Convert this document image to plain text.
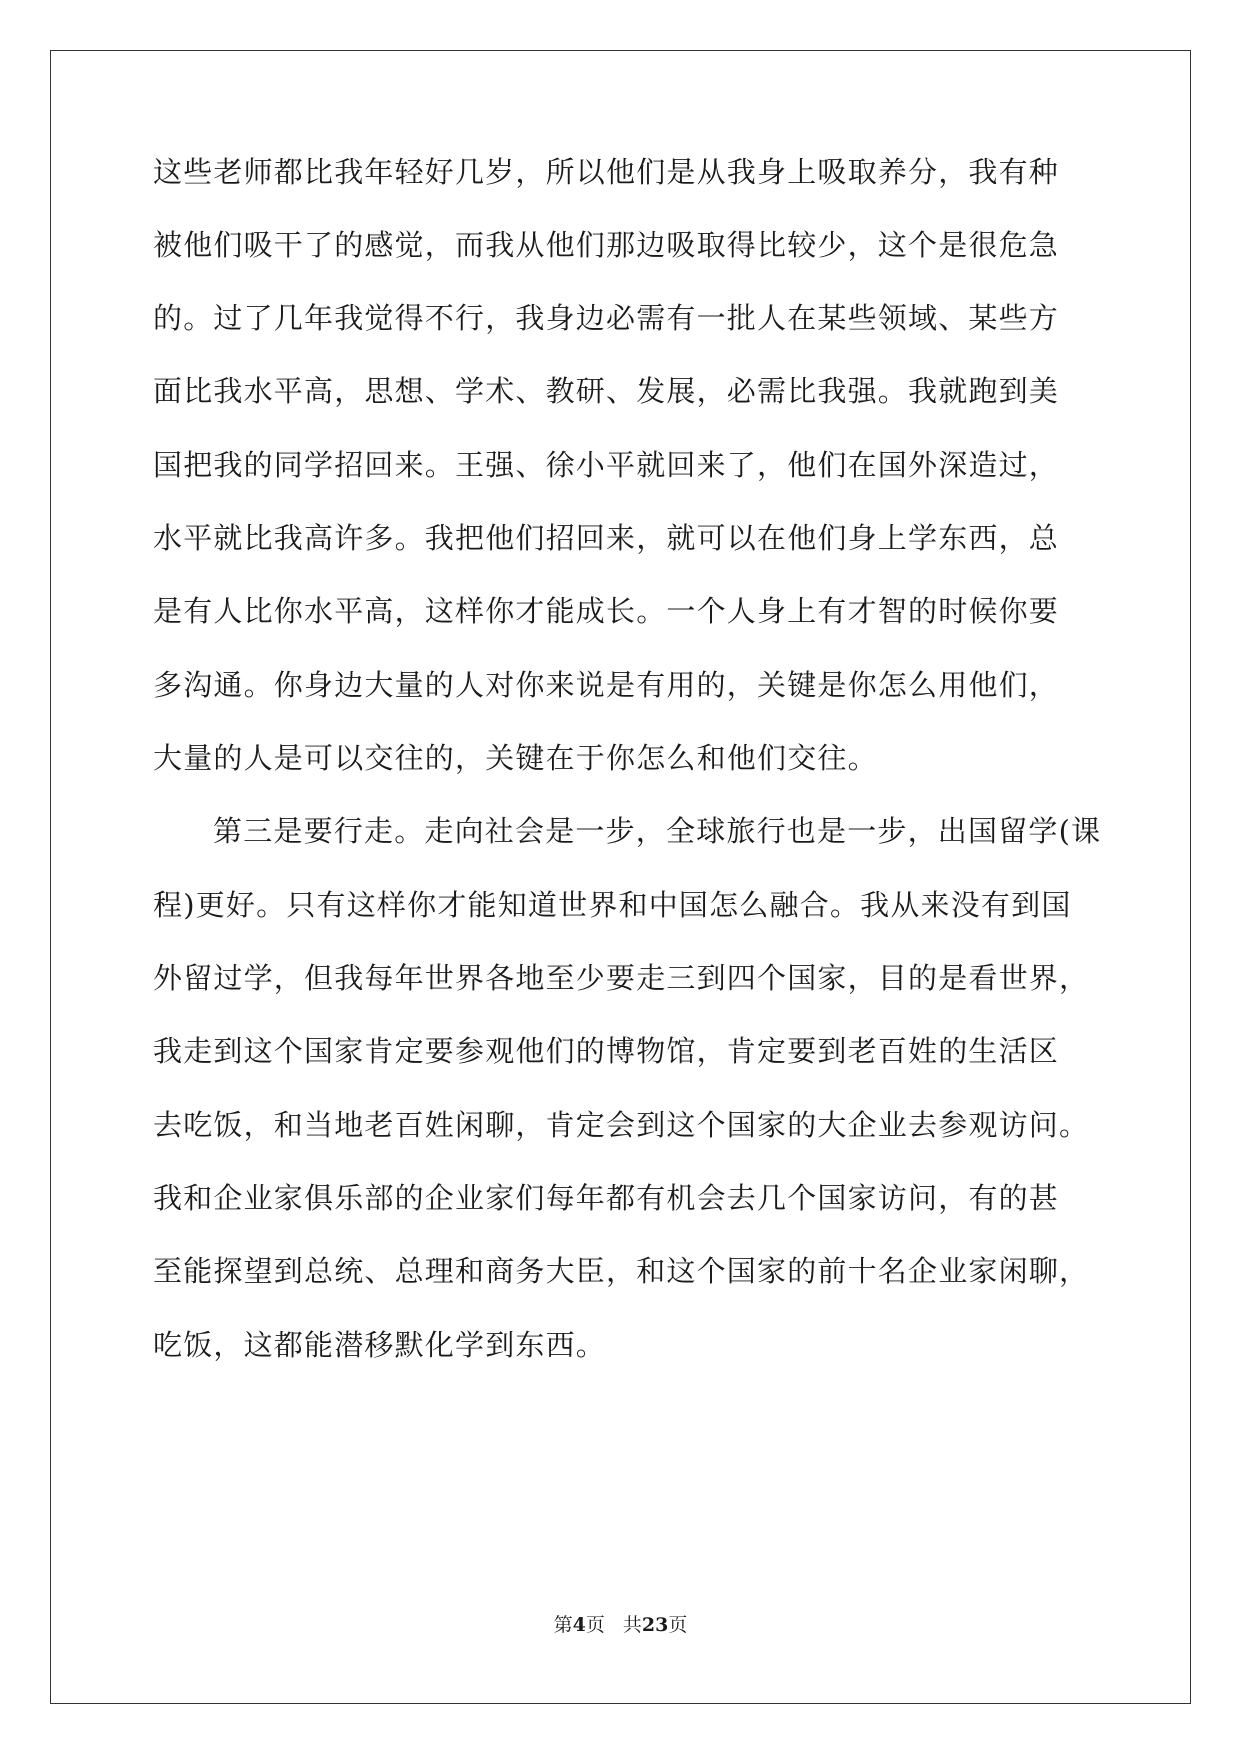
这些老师都比我年轻好几岁，所以他们是从我身上吸取养分，我有种
被他们吸干了的感觉，而我从他们那边吸取得比较少，这个是很危急
的。过了几年我觉得不行，我身边必需有一批人在某些领域、某些方
面比我水平高，思想、学术、教研、发展，必需比我强。我就跑到美
国把我的同学招回来。王强、徐小平就回来了，他们在国外深造过，
水平就比我高许多。我把他们招回来，就可以在他们身上学东西，总
是有人比你水平高，这样你才能成长。一个人身上有才智的时候你要
多沟通。你身边大量的人对你来说是有用的，关键是你怎么用他们，
大量的人是可以交往的，关键在于你怎么和他们交往。
第三是要行走。走向社会是一步，全球旅行也是一步，出国留学(课
程)更好。只有这样你才能知道世界和中国怎么融合。我从来没有到国
外留过学，但我每年世界各地至少要走三到四个国家，目的是看世界，
我走到这个国家肯定要参观他们的博物馆，肯定要到老百姓的生活区
去吃饭，和当地老百姓闲聊，肯定会到这个国家的大企业去参观访问。
我和企业家俱乐部的企业家们每年都有机会去几个国家访问，有的甚
至能探望到总统、总理和商务大臣，和这个国家的前十名企业家闲聊，
吃饭，这都能潜移默化学到东西。
第4页 共23页
